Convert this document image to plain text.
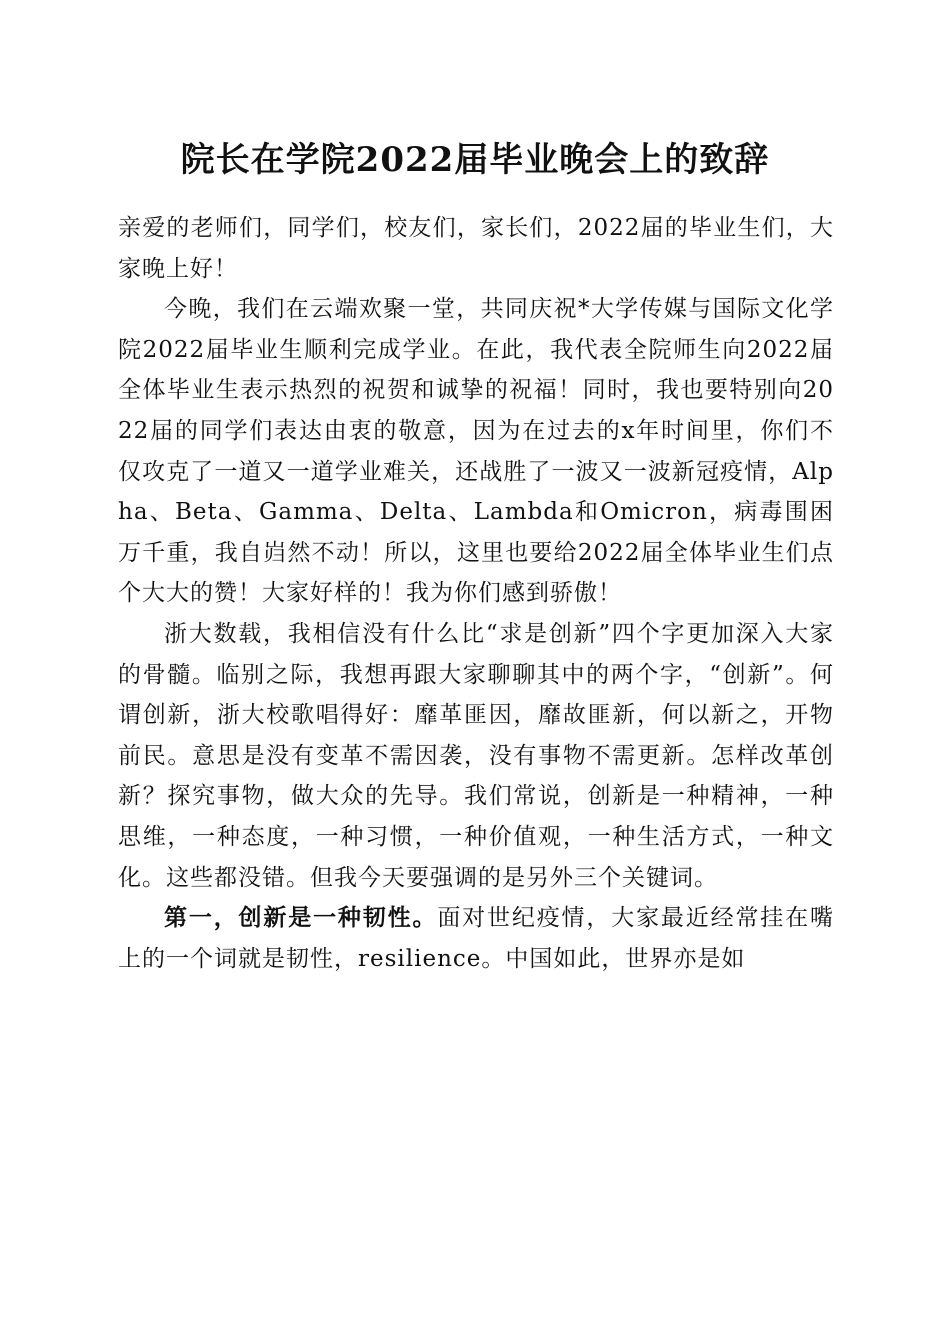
院长在学院2022届毕业晚会上的致辞

亲爱的老师们，同学们，校友们，家长们，2022届的毕业生们，大家晚上好！

今晚，我们在云端欢聚一堂，共同庆祝*大学传媒与国际文化学院2022届毕业生顺利完成学业。在此，我代表全院师生向2022届全体毕业生表示热烈的祝贺和诚挚的祝福！同时，我也要特别向2022届的同学们表达由衷的敬意，因为在过去的x年时间里，你们不仅攻克了一道又一道学业难关，还战胜了一波又一波新冠疫情，Alpha、Beta、Gamma、Delta、Lambda和Omicron，病毒围困万千重，我自岿然不动！所以，这里也要给2022届全体毕业生们点个大大的赞！大家好样的！我为你们感到骄傲！

浙大数载，我相信没有什么比“求是创新”四个字更加深入大家的骨髓。临别之际，我想再跟大家聊聊其中的两个字，“创新”。何谓创新，浙大校歌唱得好：靡革匪因，靡故匪新，何以新之，开物前民。意思是没有变革不需因袭，没有事物不需更新。怎样改革创新？探究事物，做大众的先导。我们常说，创新是一种精神，一种思维，一种态度，一种习惯，一种价值观，一种生活方式，一种文化。这些都没错。但我今天要强调的是另外三个关键词。

第一，创新是一种韧性。面对世纪疫情，大家最近经常挂在嘴上的一个词就是韧性，resilience。中国如此，世界亦是如
